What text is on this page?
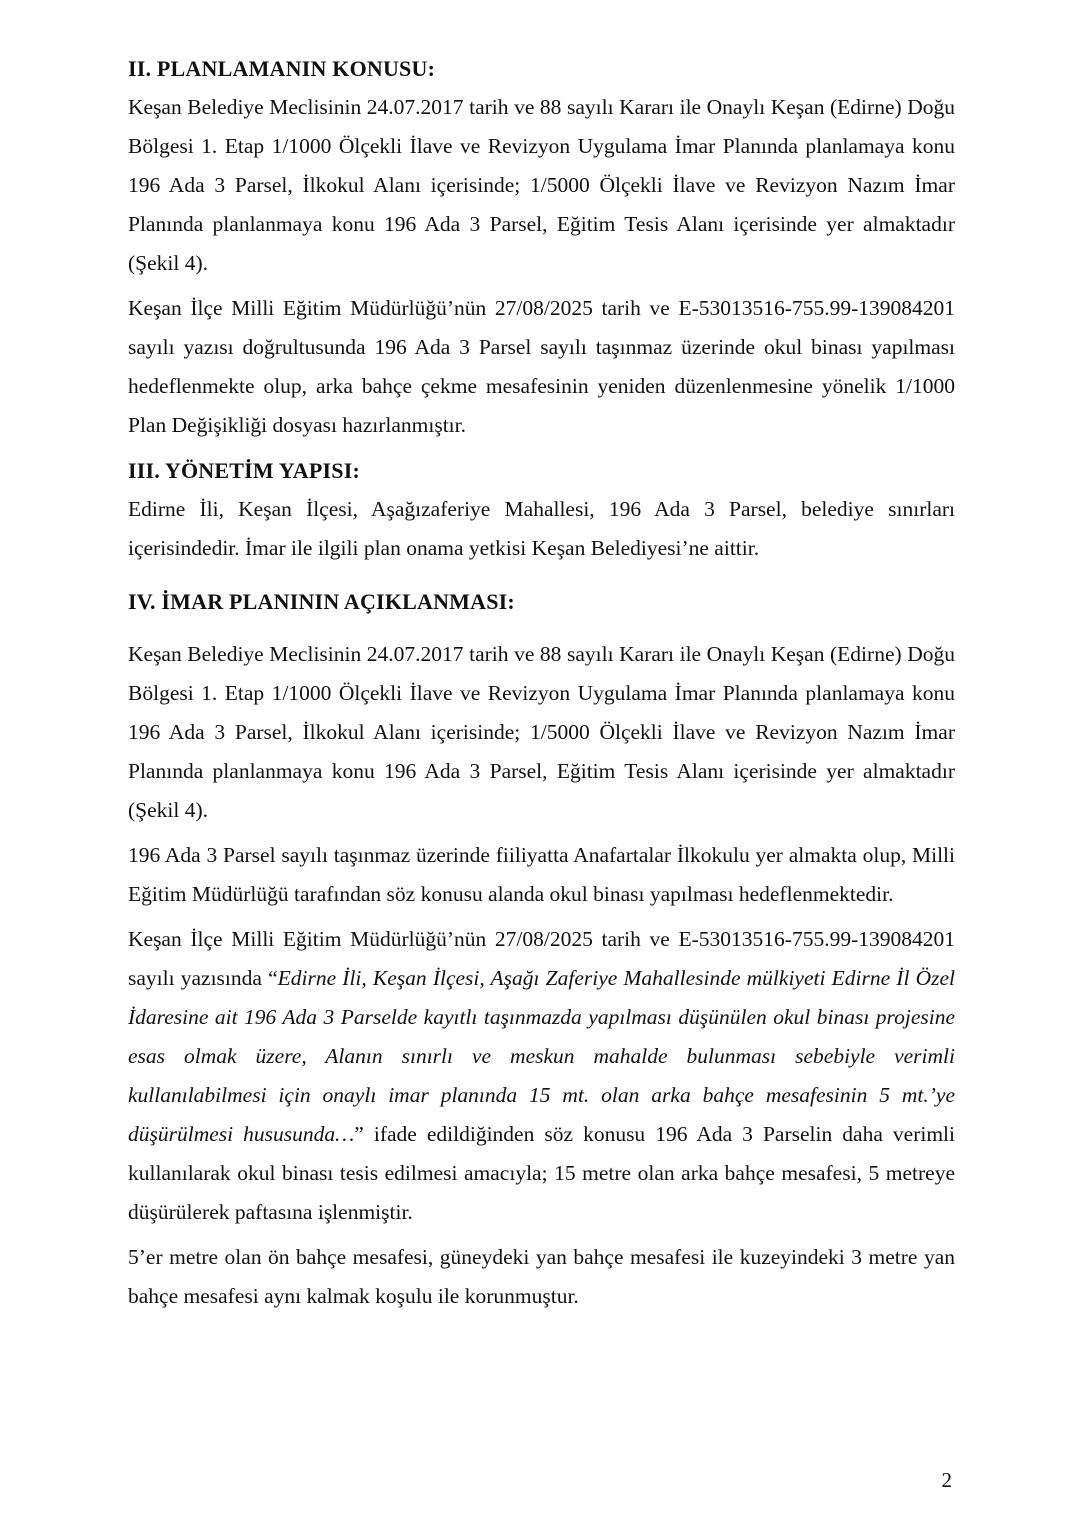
II. PLANLAMANIN KONUSU:

Keşan Belediye Meclisinin 24.07.2017 tarih ve 88 sayılı Kararı ile Onaylı Keşan (Edirne) Doğu Bölgesi 1. Etap 1/1000 Ölçekli İlave ve Revizyon Uygulama İmar Planında planlamaya konu 196 Ada 3 Parsel, İlkokul Alanı içerisinde; 1/5000 Ölçekli İlave ve Revizyon Nazım İmar Planında planlanmaya konu 196 Ada 3 Parsel, Eğitim Tesis Alanı içerisinde yer almaktadır (Şekil 4).

Keşan İlçe Milli Eğitim Müdürlüğü’nün 27/08/2025 tarih ve E-53013516-755.99-139084201 sayılı yazısı doğrultusunda 196 Ada 3 Parsel sayılı taşınmaz üzerinde okul binası yapılması hedeflenmekte olup, arka bahçe çekme mesafesinin yeniden düzenlenmesine yönelik 1/1000 Plan Değişikliği dosyası hazırlanmıştır.

III. YÖNETİM YAPISI:

Edirne İli, Keşan İlçesi, Aşağızaferiye Mahallesi, 196 Ada 3 Parsel, belediye sınırları içerisindedir. İmar ile ilgili plan onama yetkisi Keşan Belediyesi’ne aittir.

IV. İMAR PLANININ AÇIKLANMASI:

Keşan Belediye Meclisinin 24.07.2017 tarih ve 88 sayılı Kararı ile Onaylı Keşan (Edirne) Doğu Bölgesi 1. Etap 1/1000 Ölçekli İlave ve Revizyon Uygulama İmar Planında planlamaya konu 196 Ada 3 Parsel, İlkokul Alanı içerisinde; 1/5000 Ölçekli İlave ve Revizyon Nazım İmar Planında planlanmaya konu 196 Ada 3 Parsel, Eğitim Tesis Alanı içerisinde yer almaktadır (Şekil 4).

196 Ada 3 Parsel sayılı taşınmaz üzerinde fiiliyatta Anafartalar İlkokulu yer almakta olup, Milli Eğitim Müdürlüğü tarafından söz konusu alanda okul binası yapılması hedeflenmektedir.

Keşan İlçe Milli Eğitim Müdürlüğü’nün 27/08/2025 tarih ve E-53013516-755.99-139084201 sayılı yazısında “Edirne İli, Keşan İlçesi, Aşağı Zaferiye Mahallesinde mülkiyeti Edirne İl Özel İdaresine ait 196 Ada 3 Parselde kayıtlı taşınmazda yapılması düşünülen okul binası projesine esas olmak üzere, Alanın sınırlı ve meskun mahalde bulunması sebebiyle verimli kullanılabilmesi için onaylı imar planında 15 mt. olan arka bahçe mesafesinin 5 mt.’ye düşürülmesi hususunda…” ifade edildiğinden söz konusu 196 Ada 3 Parselin daha verimli kullanılarak okul binası tesis edilmesi amacıyla; 15 metre olan arka bahçe mesafesi, 5 metreye düşürülerek paftasına işlenmiştir.

5’er metre olan ön bahçe mesafesi, güneydeki yan bahçe mesafesi ile kuzeyindeki 3 metre yan bahçe mesafesi aynı kalmak koşulu ile korunmuştur.

2
